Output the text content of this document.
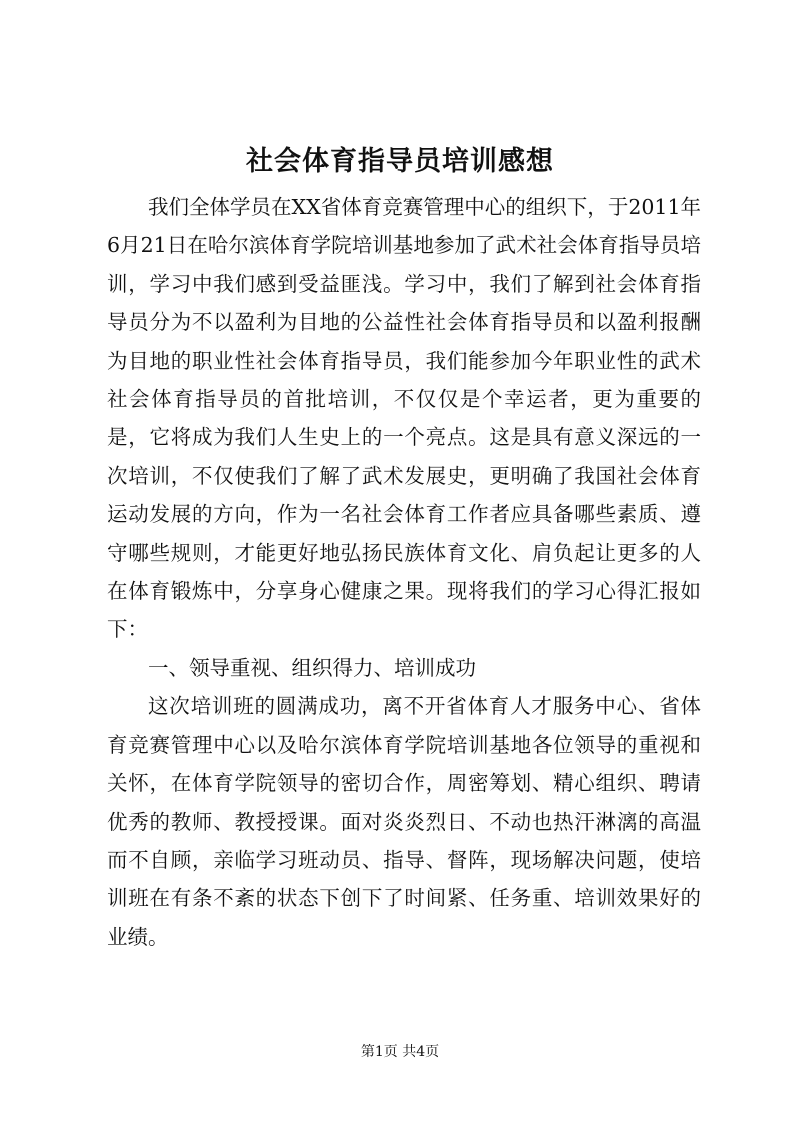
社会体育指导员培训感想

我们全体学员在XX省体育竞赛管理中心的组织下，于2011年6月21日在哈尔滨体育学院培训基地参加了武术社会体育指导员培训，学习中我们感到受益匪浅。学习中，我们了解到社会体育指导员分为不以盈利为目地的公益性社会体育指导员和以盈利报酬为目地的职业性社会体育指导员，我们能参加今年职业性的武术社会体育指导员的首批培训，不仅仅是个幸运者，更为重要的是，它将成为我们人生史上的一个亮点。这是具有意义深远的一次培训，不仅使我们了解了武术发展史，更明确了我国社会体育运动发展的方向，作为一名社会体育工作者应具备哪些素质、遵守哪些规则，才能更好地弘扬民族体育文化、肩负起让更多的人在体育锻炼中，分享身心健康之果。现将我们的学习心得汇报如下：

一、领导重视、组织得力、培训成功

这次培训班的圆满成功，离不开省体育人才服务中心、省体育竞赛管理中心以及哈尔滨体育学院培训基地各位领导的重视和关怀，在体育学院领导的密切合作，周密筹划、精心组织、聘请优秀的教师、教授授课。面对炎炎烈日、不动也热汗淋漓的高温而不自顾，亲临学习班动员、指导、督阵，现场解决问题，使培训班在有条不紊的状态下创下了时间紧、任务重、培训效果好的业绩。

第1页 共4页
